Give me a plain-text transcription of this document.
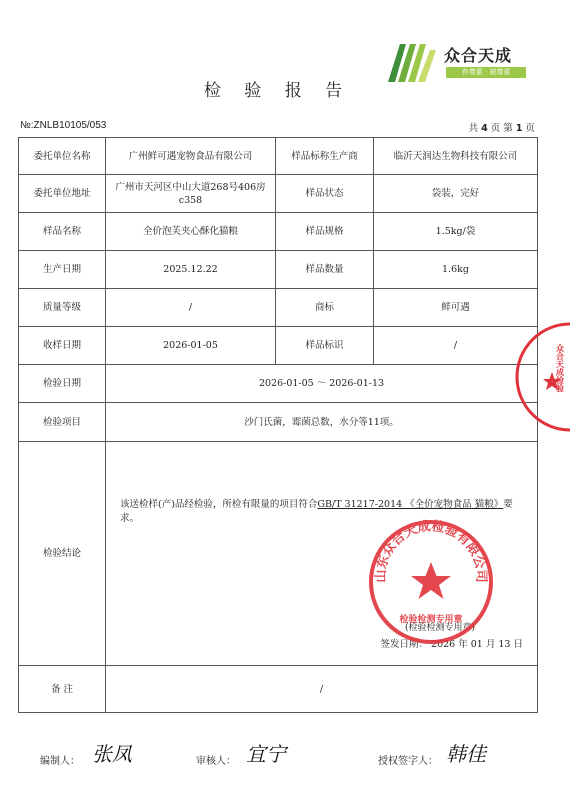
众合天成
有尊重 · 被尊重
检 验 报 告
№:ZNLB10105/053	共 4 页 第 1 页
委托单位名称	广州鲜可遇宠物食品有限公司	样品标称生产商	临沂天润达生物科技有限公司
委托单位地址	广州市天河区中山大道268号406房c358	样品状态	袋装，完好
样品名称	全价泡芙夹心酥化猫粮	样品规格	1.5kg/袋
生产日期	2025.12.22	样品数量	1.6kg
质量等级	/	商标	鲜可遇
收样日期	2026-01-05	样品标识	/
检验日期	2026-01-05 ～ 2026-01-13		
检验项目	沙门氏菌，霉菌总数，水分等11项。		
检验结论	该送检样(产)品经检验，所检有限量的项目符合GB/T 31217-2014 《全价宠物食品 猫粮》要求。
(检验检测专用章)
签发日期： 2026 年 01 月 13 日		

备 注	/		
山东众合天成检验有限公司
检验检测专用章
众合天成检验
编制人： 张凤	审核人： 宜宁	授权签字人： 韩佳
